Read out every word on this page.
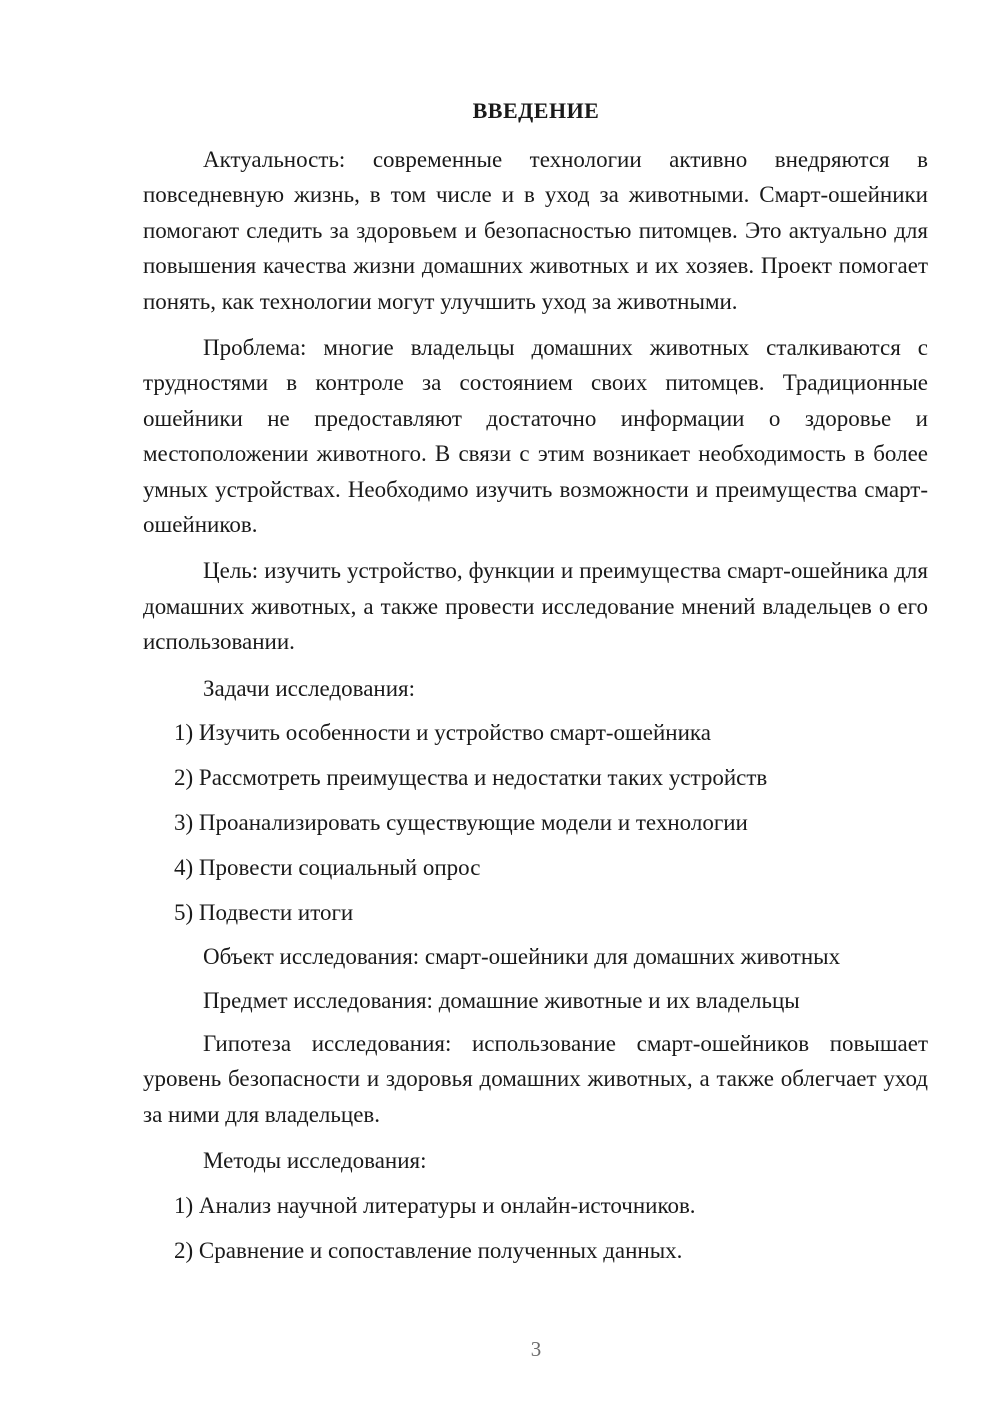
ВВЕДЕНИЕ

Актуальность: современные технологии активно внедряются в повседневную жизнь, в том числе и в уход за животными. Смарт-ошейники помогают следить за здоровьем и безопасностью питомцев. Это актуально для повышения качества жизни домашних животных и их хозяев. Проект помогает понять, как технологии могут улучшить уход за животными.

Проблема: многие владельцы домашних животных сталкиваются с трудностями в контроле за состоянием своих питомцев. Традиционные ошейники не предоставляют достаточно информации о здоровье и местоположении животного. В связи с этим возникает необходимость в более умных устройствах. Необходимо изучить возможности и преимущества смарт-ошейников.

Цель: изучить устройство, функции и преимущества смарт-ошейника для домашних животных, а также провести исследование мнений владельцев о его использовании.

Задачи исследования:

1) Изучить особенности и устройство смарт-ошейника
2) Рассмотреть преимущества и недостатки таких устройств
3) Проанализировать существующие модели и технологии
4) Провести социальный опрос
5) Подвести итоги

Объект исследования: смарт-ошейники для домашних животных

Предмет исследования: домашние животные и их владельцы

Гипотеза исследования: использование смарт-ошейников повышает уровень безопасности и здоровья домашних животных, а также облегчает уход за ними для владельцев.

Методы исследования:

1) Анализ научной литературы и онлайн-источников.
2) Сравнение и сопоставление полученных данных.
3
